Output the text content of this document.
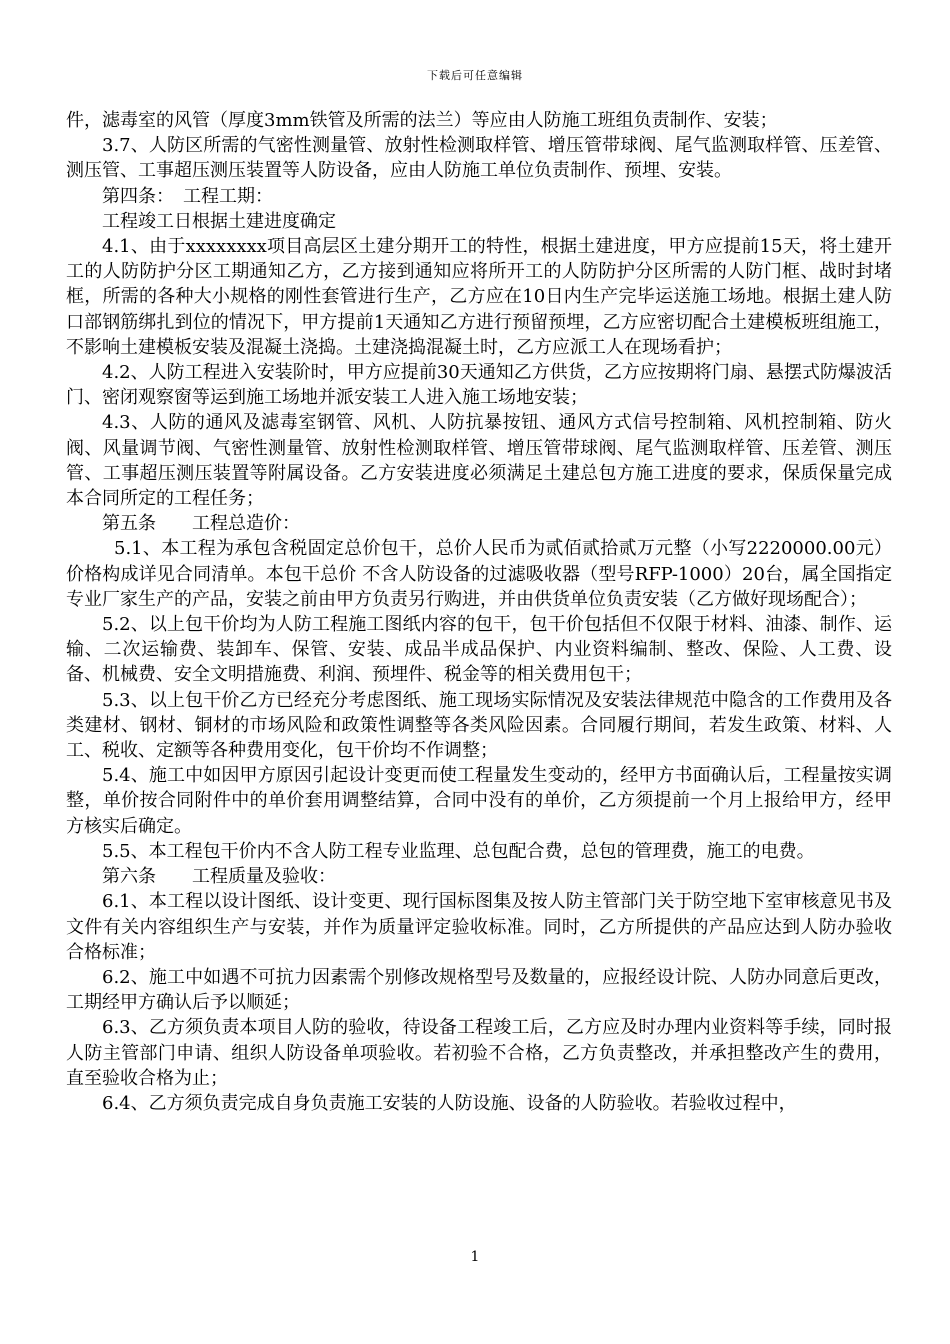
下载后可任意编辑

件，滤毒室的风管（厚度3mm铁管及所需的法兰）等应由人防施工班组负责制作、安装；

3.7、人防区所需的气密性测量管、放射性检测取样管、增压管带球阀、尾气监测取样管、压差管、测压管、工事超压测压装置等人防设备，应由人防施工单位负责制作、预埋、安装。

第四条：　工程工期：

工程竣工日根据土建进度确定

4.1、由于xxxxxxxx项目高层区土建分期开工的特性，根据土建进度，甲方应提前15天，将土建开工的人防防护分区工期通知乙方，乙方接到通知应将所开工的人防防护分区所需的人防门框、战时封堵框，所需的各种大小规格的刚性套管进行生产，乙方应在10日内生产完毕运送施工场地。根据土建人防口部钢筋绑扎到位的情况下，甲方提前1天通知乙方进行预留预埋，乙方应密切配合土建模板班组施工，不影响土建模板安装及混凝土浇捣。土建浇捣混凝土时，乙方应派工人在现场看护；

4.2、人防工程进入安装阶时，甲方应提前30天通知乙方供货，乙方应按期将门扇、悬摆式防爆波活门、密闭观察窗等运到施工场地并派安装工人进入施工场地安装；

4.3、人防的通风及滤毒室钢管、风机、人防抗暴按钮、通风方式信号控制箱、风机控制箱、防火阀、风量调节阀、气密性测量管、放射性检测取样管、增压管带球阀、尾气监测取样管、压差管、测压管、工事超压测压装置等附属设备。乙方安装进度必须满足土建总包方施工进度的要求，保质保量完成本合同所定的工程任务；

第五条　　工程总造价：

5.1、本工程为承包含税固定总价包干，总价人民币为贰佰贰拾贰万元整（小写2220000.00元）价格构成详见合同清单。本包干总价 不含人防设备的过滤吸收器（型号RFP-1000）20台，属全国指定专业厂家生产的产品，安装之前由甲方负责另行购进，并由供货单位负责安装（乙方做好现场配合）；

5.2、以上包干价均为人防工程施工图纸内容的包干，包干价包括但不仅限于材料、油漆、制作、运输、二次运输费、装卸车、保管、安装、成品半成品保护、内业资料编制、整改、保险、人工费、设备、机械费、安全文明措施费、利润、预埋件、税金等的相关费用包干；

5.3、以上包干价乙方已经充分考虑图纸、施工现场实际情况及安装法律规范中隐含的工作费用及各类建材、钢材、铜材的市场风险和政策性调整等各类风险因素。合同履行期间，若发生政策、材料、人工、税收、定额等各种费用变化，包干价均不作调整；

5.4、施工中如因甲方原因引起设计变更而使工程量发生变动的，经甲方书面确认后，工程量按实调整，单价按合同附件中的单价套用调整结算，合同中没有的单价，乙方须提前一个月上报给甲方，经甲方核实后确定。

5.5、本工程包干价内不含人防工程专业监理、总包配合费，总包的管理费，施工的电费。

第六条　　工程质量及验收：

6.1、本工程以设计图纸、设计变更、现行国标图集及按人防主管部门关于防空地下室审核意见书及文件有关内容组织生产与安装，并作为质量评定验收标准。同时，乙方所提供的产品应达到人防办验收合格标准；

6.2、施工中如遇不可抗力因素需个别修改规格型号及数量的，应报经设计院、人防办同意后更改，工期经甲方确认后予以顺延；

6.3、乙方须负责本项目人防的验收，待设备工程竣工后，乙方应及时办理内业资料等手续，同时报人防主管部门申请、组织人防设备单项验收。若初验不合格，乙方负责整改，并承担整改产生的费用，直至验收合格为止；

6.4、乙方须负责完成自身负责施工安装的人防设施、设备的人防验收。若验收过程中，

1
